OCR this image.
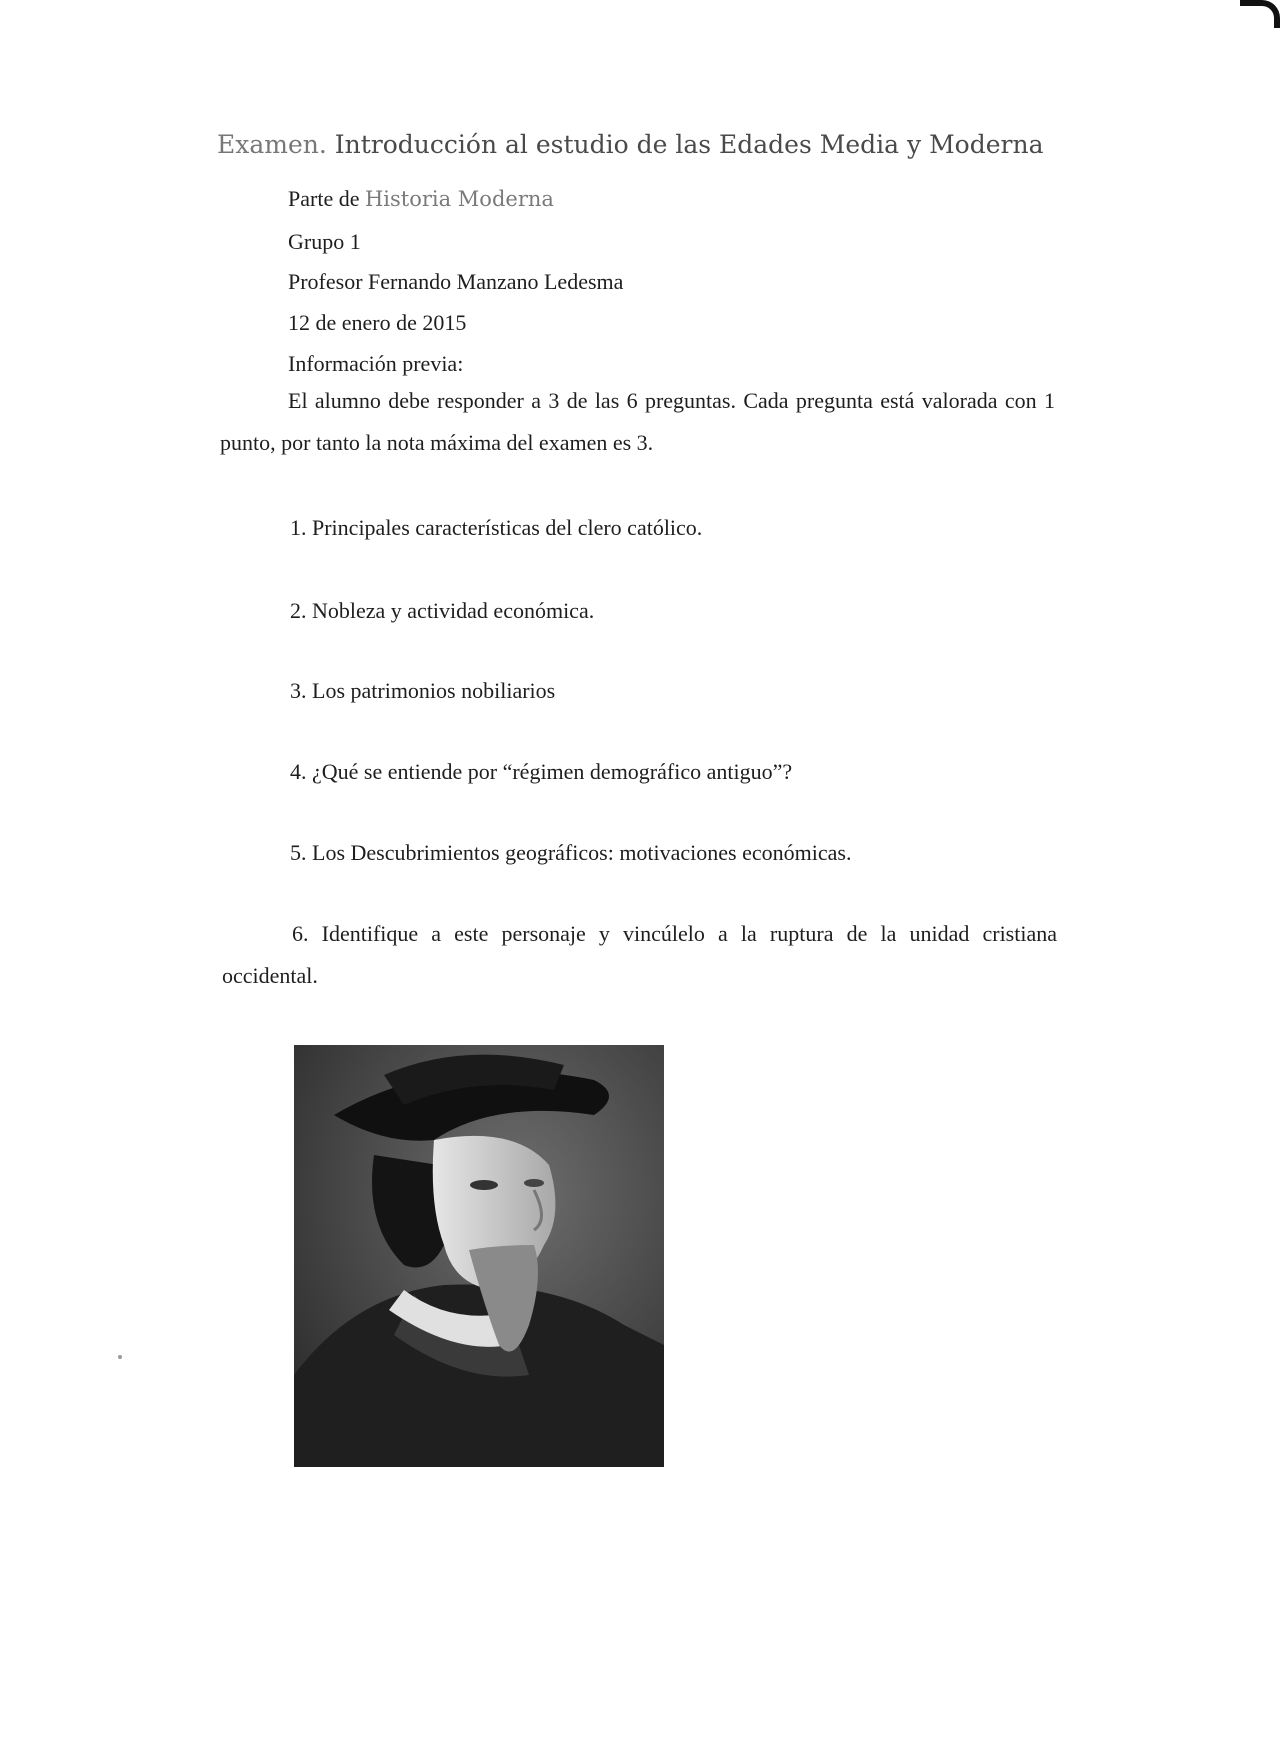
Examen. Introducción al estudio de las Edades Media y Moderna
Parte de Historia Moderna
Grupo 1
Profesor Fernando Manzano Ledesma
12 de enero de 2015
Información previa:
El alumno debe responder a 3 de las 6 preguntas. Cada pregunta está valorada con 1 punto, por tanto la nota máxima del examen es 3.
1. Principales características del clero católico.
2. Nobleza y actividad económica.
3. Los patrimonios nobiliarios
4. ¿Qué se entiende por “régimen demográfico antiguo”?
5. Los Descubrimientos geográficos: motivaciones económicas.
6. Identifique a este personaje y vincúlelo a la ruptura de la unidad cristiana occidental.
